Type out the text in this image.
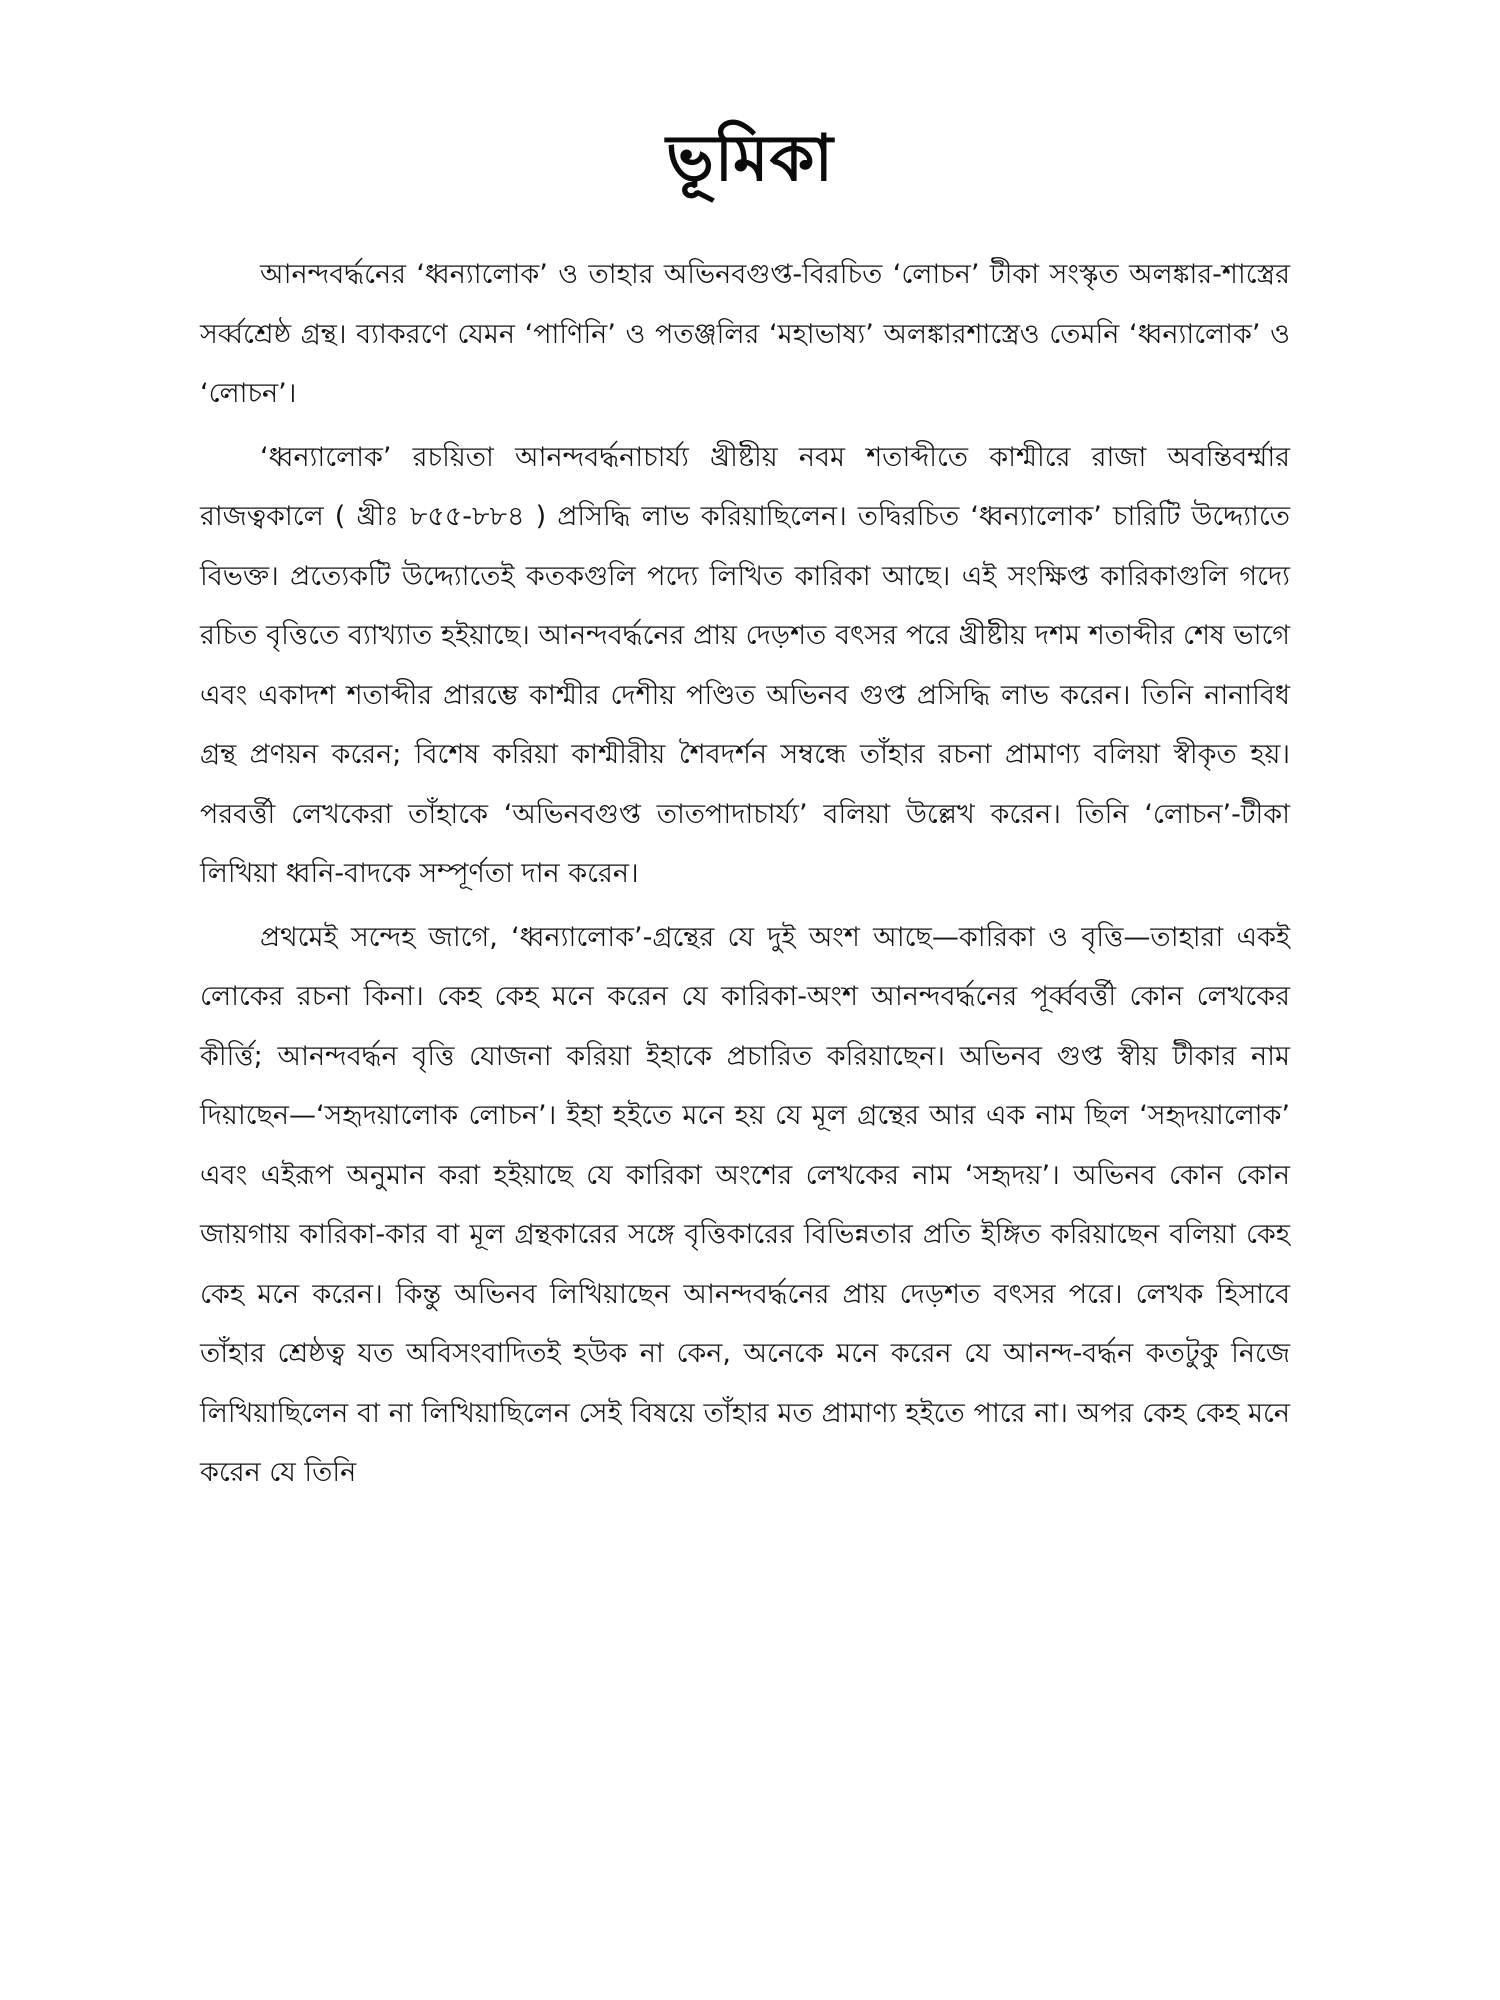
ভূমিকা

আনন্দবৰ্দ্ধনের ‘ধ্বন্যালোক’ ও তাহার অভিনবগুপ্ত-বিরচিত ‘লোচন’ টীকা সংস্কৃত অলঙ্কার-শাস্ত্রের সর্ব্বশ্রেষ্ঠ গ্রন্থ। ব্যাকরণে যেমন ‘পাণিনি’ ও পতঞ্জলির ‘মহাভাষ্য’ অলঙ্কারশাস্ত্রেও তেমনি ‘ধ্বন্যালোক’ ও ‘লোচন’।

‘ধ্বন্যালোক’ রচয়িতা আনন্দবৰ্দ্ধনাচার্য্য খ্রীষ্টীয় নবম শতাব্দীতে কাশ্মীরে রাজা অবন্তিবর্ম্মার রাজত্বকালে ( খ্রীঃ ৮৫৫-৮৮৪ ) প্রসিদ্ধি লাভ করিয়াছিলেন। তদ্বিরচিত ‘ধ্বন্যালোক’ চারিটি উদ্দ্যোতে বিভক্ত। প্রত্যেকটি উদ্দ্যোতেই কতকগুলি পদ্যে লিখিত কারিকা আছে। এই সংক্ষিপ্ত কারিকাগুলি গদ্যে রচিত বৃত্তিতে ব্যাখ্যাত হইয়াছে। আনন্দবৰ্দ্ধনের প্রায় দেড়শত বৎসর পরে খ্রীষ্টীয় দশম শতাব্দীর শেষ ভাগে এবং একাদশ শতাব্দীর প্রারম্ভে কাশ্মীর দেশীয় পণ্ডিত অভিনব গুপ্ত প্রসিদ্ধি লাভ করেন। তিনি নানাবিধ গ্রন্থ প্রণয়ন করেন; বিশেষ করিয়া কাশ্মীরীয় শৈবদর্শন সম্বন্ধে তাঁহার রচনা প্রামাণ্য বলিয়া স্বীকৃত হয়। পরবর্ত্তী লেখকেরা তাঁহাকে ‘অভিনবগুপ্ত তাতপাদাচার্য্য’ বলিয়া উল্লেখ করেন। তিনি ‘লোচন’-টীকা লিখিয়া ধ্বনি-বাদকে সম্পূর্ণতা দান করেন।

প্রথমেই সন্দেহ জাগে, ‘ধ্বন্যালোক’-গ্রন্থের যে দুই অংশ আছে—কারিকা ও বৃত্তি—তাহারা একই লোকের রচনা কিনা। কেহ কেহ মনে করেন যে কারিকা-অংশ আনন্দবৰ্দ্ধনের পূর্ব্ববর্ত্তী কোন লেখকের কীর্ত্তি; আনন্দবৰ্দ্ধন বৃত্তি যোজনা করিয়া ইহাকে প্রচারিত করিয়াছেন। অভিনব গুপ্ত স্বীয় টীকার নাম দিয়াছেন—‘সহৃদয়ালোক লোচন’। ইহা হইতে মনে হয় যে মূল গ্রন্থের আর এক নাম ছিল ‘সহৃদয়ালোক’ এবং এইরূপ অনুমান করা হইয়াছে যে কারিকা অংশের লেখকের নাম ‘সহৃদয়’। অভিনব কোন কোন জায়গায় কারিকা-কার বা মূল গ্রন্থকারের সঙ্গে বৃত্তিকারের বিভিন্নতার প্রতি ইঙ্গিত করিয়াছেন বলিয়া কেহ কেহ মনে করেন। কিন্তু অভিনব লিখিয়াছেন আনন্দবৰ্দ্ধনের প্রায় দেড়শত বৎসর পরে। লেখক হিসাবে তাঁহার শ্রেষ্ঠত্ব যত অবিসংবাদিতই হউক না কেন, অনেকে মনে করেন যে আনন্দ-বৰ্দ্ধন কতটুকু নিজে লিখিয়াছিলেন বা না লিখিয়াছিলেন সেই বিষয়ে তাঁহার মত প্রামাণ্য হইতে পারে না। অপর কেহ কেহ মনে করেন যে তিনি
